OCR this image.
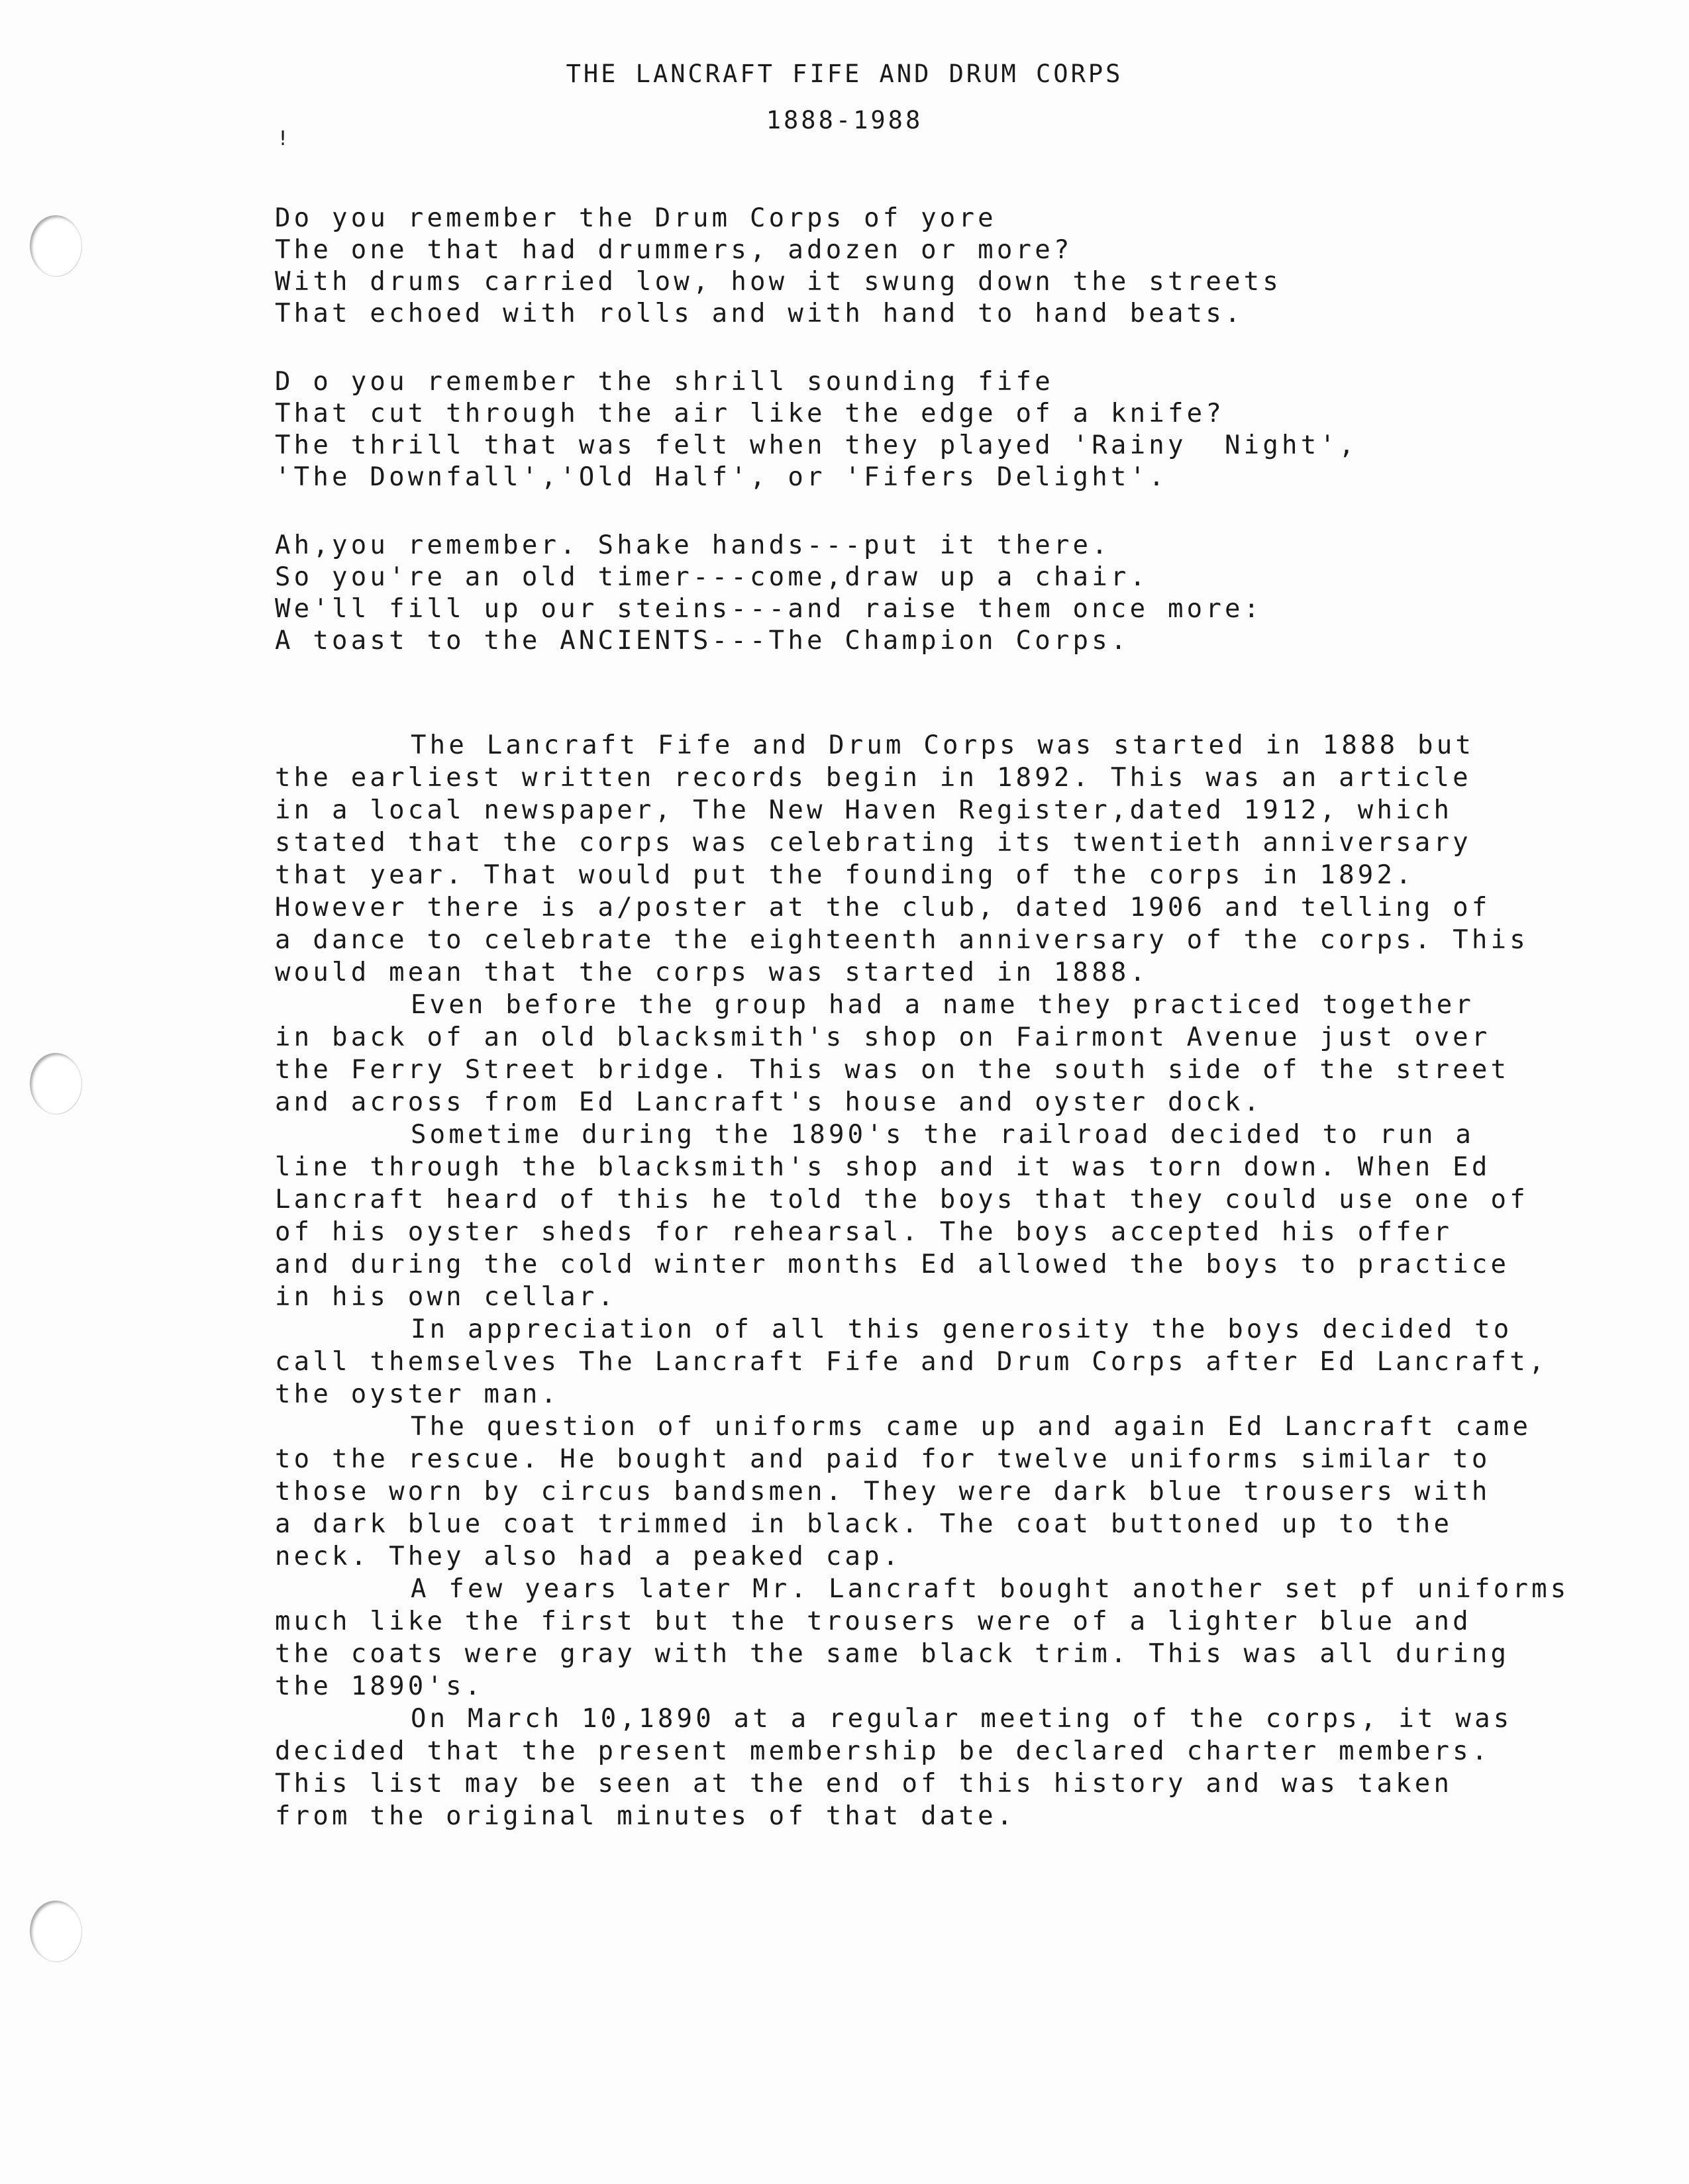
THE LANCRAFT FIFE AND DRUM CORPS
1888-1988
!
Do you remember the Drum Corps of yore
The one that had drummers, adozen or more?
With drums carried low, how it swung down the streets
That echoed with rolls and with hand to hand beats.
D o you remember the shrill sounding fife
That cut through the air like the edge of a knife?
The thrill that was felt when they played 'Rainy  Night',
'The Downfall','Old Half', or 'Fifers Delight'.
Ah,you remember. Shake hands---put it there.
So you're an old timer---come,draw up a chair.
We'll fill up our steins---and raise them once more:
A toast to the ANCIENTS---The Champion Corps.
The Lancraft Fife and Drum Corps was started in 1888 but
the earliest written records begin in 1892. This was an article
in a local newspaper, The New Haven Register,dated 1912, which
stated that the corps was celebrating its twentieth anniversary
that year. That would put the founding of the corps in 1892.
However there is a/poster at the club, dated 1906 and telling of
a dance to celebrate the eighteenth anniversary of the corps. This
would mean that the corps was started in 1888.
Even before the group had a name they practiced together
in back of an old blacksmith's shop on Fairmont Avenue just over
the Ferry Street bridge. This was on the south side of the street
and across from Ed Lancraft's house and oyster dock.
Sometime during the 1890's the railroad decided to run a
line through the blacksmith's shop and it was torn down. When Ed
Lancraft heard of this he told the boys that they could use one of
of his oyster sheds for rehearsal. The boys accepted his offer
and during the cold winter months Ed allowed the boys to practice
in his own cellar.
In appreciation of all this generosity the boys decided to
call themselves The Lancraft Fife and Drum Corps after Ed Lancraft,
the oyster man.
The question of uniforms came up and again Ed Lancraft came
to the rescue. He bought and paid for twelve uniforms similar to
those worn by circus bandsmen. They were dark blue trousers with
a dark blue coat trimmed in black. The coat buttoned up to the
neck. They also had a peaked cap.
A few years later Mr. Lancraft bought another set pf uniforms
much like the first but the trousers were of a lighter blue and
the coats were gray with the same black trim. This was all during
the 1890's.
On March 10,1890 at a regular meeting of the corps, it was
decided that the present membership be declared charter members.
This list may be seen at the end of this history and was taken
from the original minutes of that date.
